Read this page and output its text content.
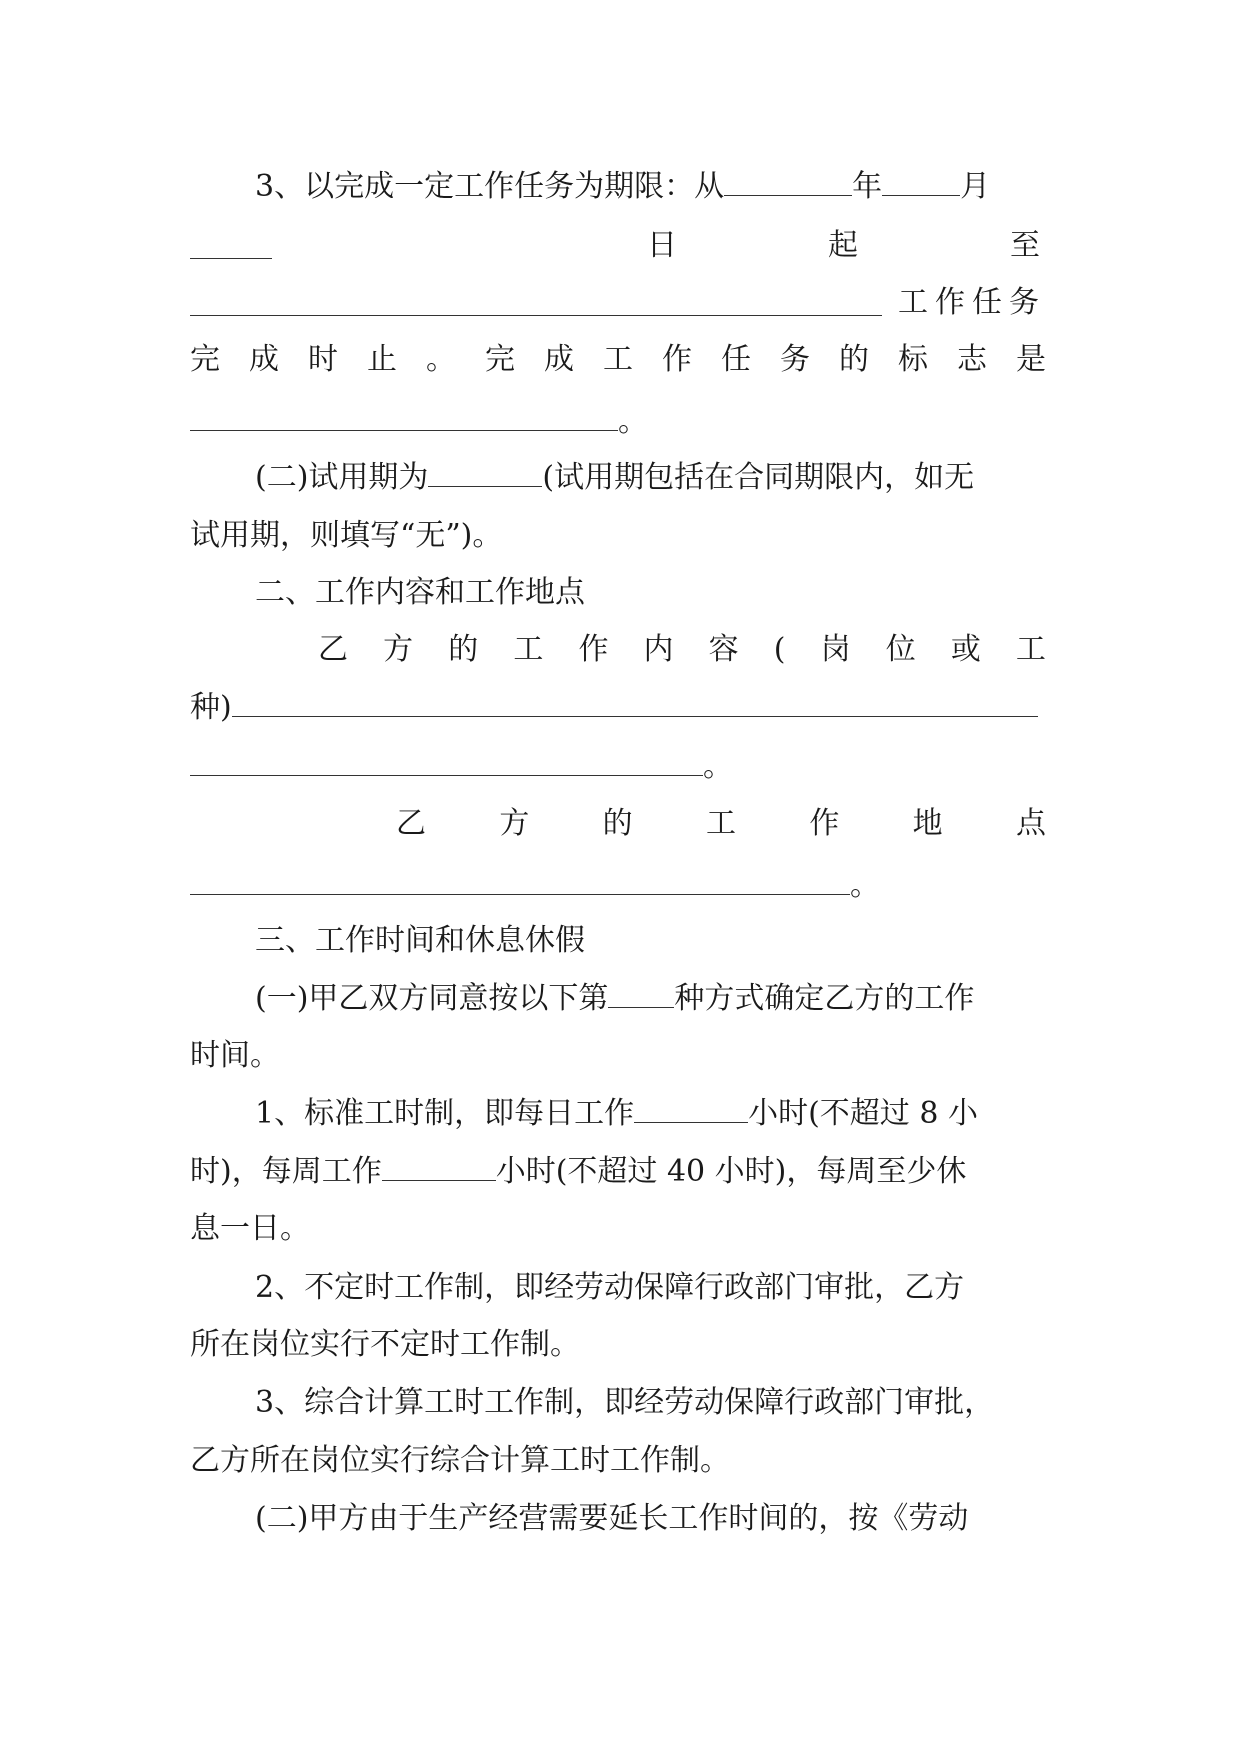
3、以完成一定工作任务为期限：从	年	月
日	起	至
工作任务
完 成 时 止 。 完 成 工 作 任 务 的 标 志 是
。
(二)试用期为	(试用期包括在合同期限内，如无
试用期，则填写“无”)。
二、工作内容和工作地点
乙 方 的 工 作 内 容 ( 岗 位 或 工
种)
。
乙 方 的 工 作 地 点
。
三、工作时间和休息休假
(一)甲乙双方同意按以下第 种方式确定乙方的工作
时间。
1、标准工时制，即每日工作	小时(不超过 8 小
时)，每周工作	小时(不超过 40 小时)，每周至少休
息一日。
2、不定时工作制，即经劳动保障行政部门审批，乙方
所在岗位实行不定时工作制。
3、综合计算工时工作制，即经劳动保障行政部门审批，
乙方所在岗位实行综合计算工时工作制。
(二)甲方由于生产经营需要延长工作时间的，按《劳动
